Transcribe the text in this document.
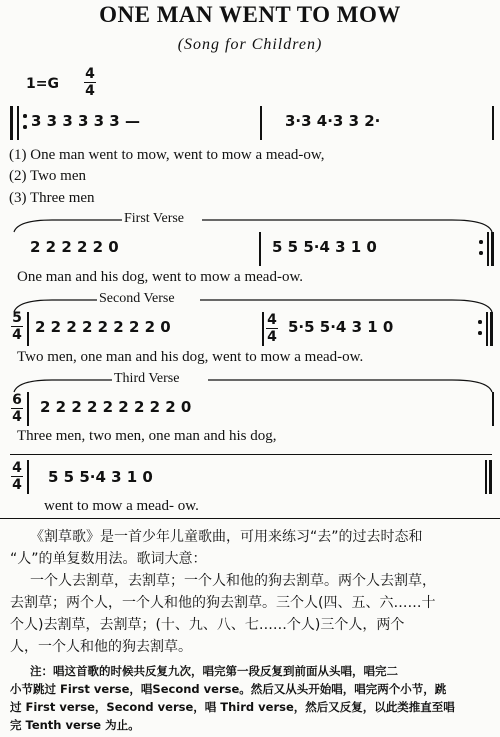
ONE MAN WENT TO MOW
(Song for Children)
1=G
4
4
3 3 3 3 3 3 —	3·3 4·3 3 2·
(1) One man went to mow, went to mow a mead-ow,
(2) Two men
(3) Three men
First Verse
2 2 2 2 2 0	5 5 5·4 3 1 0
One man and his dog, went to mow a mead-ow.
Second Verse
5
4 2 2 2 2 2 2 2 2 0	4
4
5·5 5·4 3 1 0
Two men, one man and his dog, went to mow a mead-ow.
Third Verse
6
4
2 2 2 2 2 2 2 2 2 0
Three men, two men, one man and his dog,
4
4 5 5 5·4 3 1 0
went to mow a mead- ow.
《割草歌》是一首少年儿童歌曲，可用来练习“去”的过去时态和
“人”的单复数用法。歌词大意：
一个人去割草，去割草；一个人和他的狗去割草。两个人去割草，
去割草；两个人，一个人和他的狗去割草。三个人(四、五、六……十
个人)去割草，去割草；(十、九、八、七……个人)三个人，两个
人，一个人和他的狗去割草。
注：唱这首歌的时候共反复九次，唱完第一段反复到前面从头唱，唱完二
小节跳过 First verse，唱Second verse。然后又从头开始唱，唱完两个小节，跳
过 First verse，Second verse，唱 Third verse，然后又反复，以此类推直至唱
完 Tenth verse 为止。
